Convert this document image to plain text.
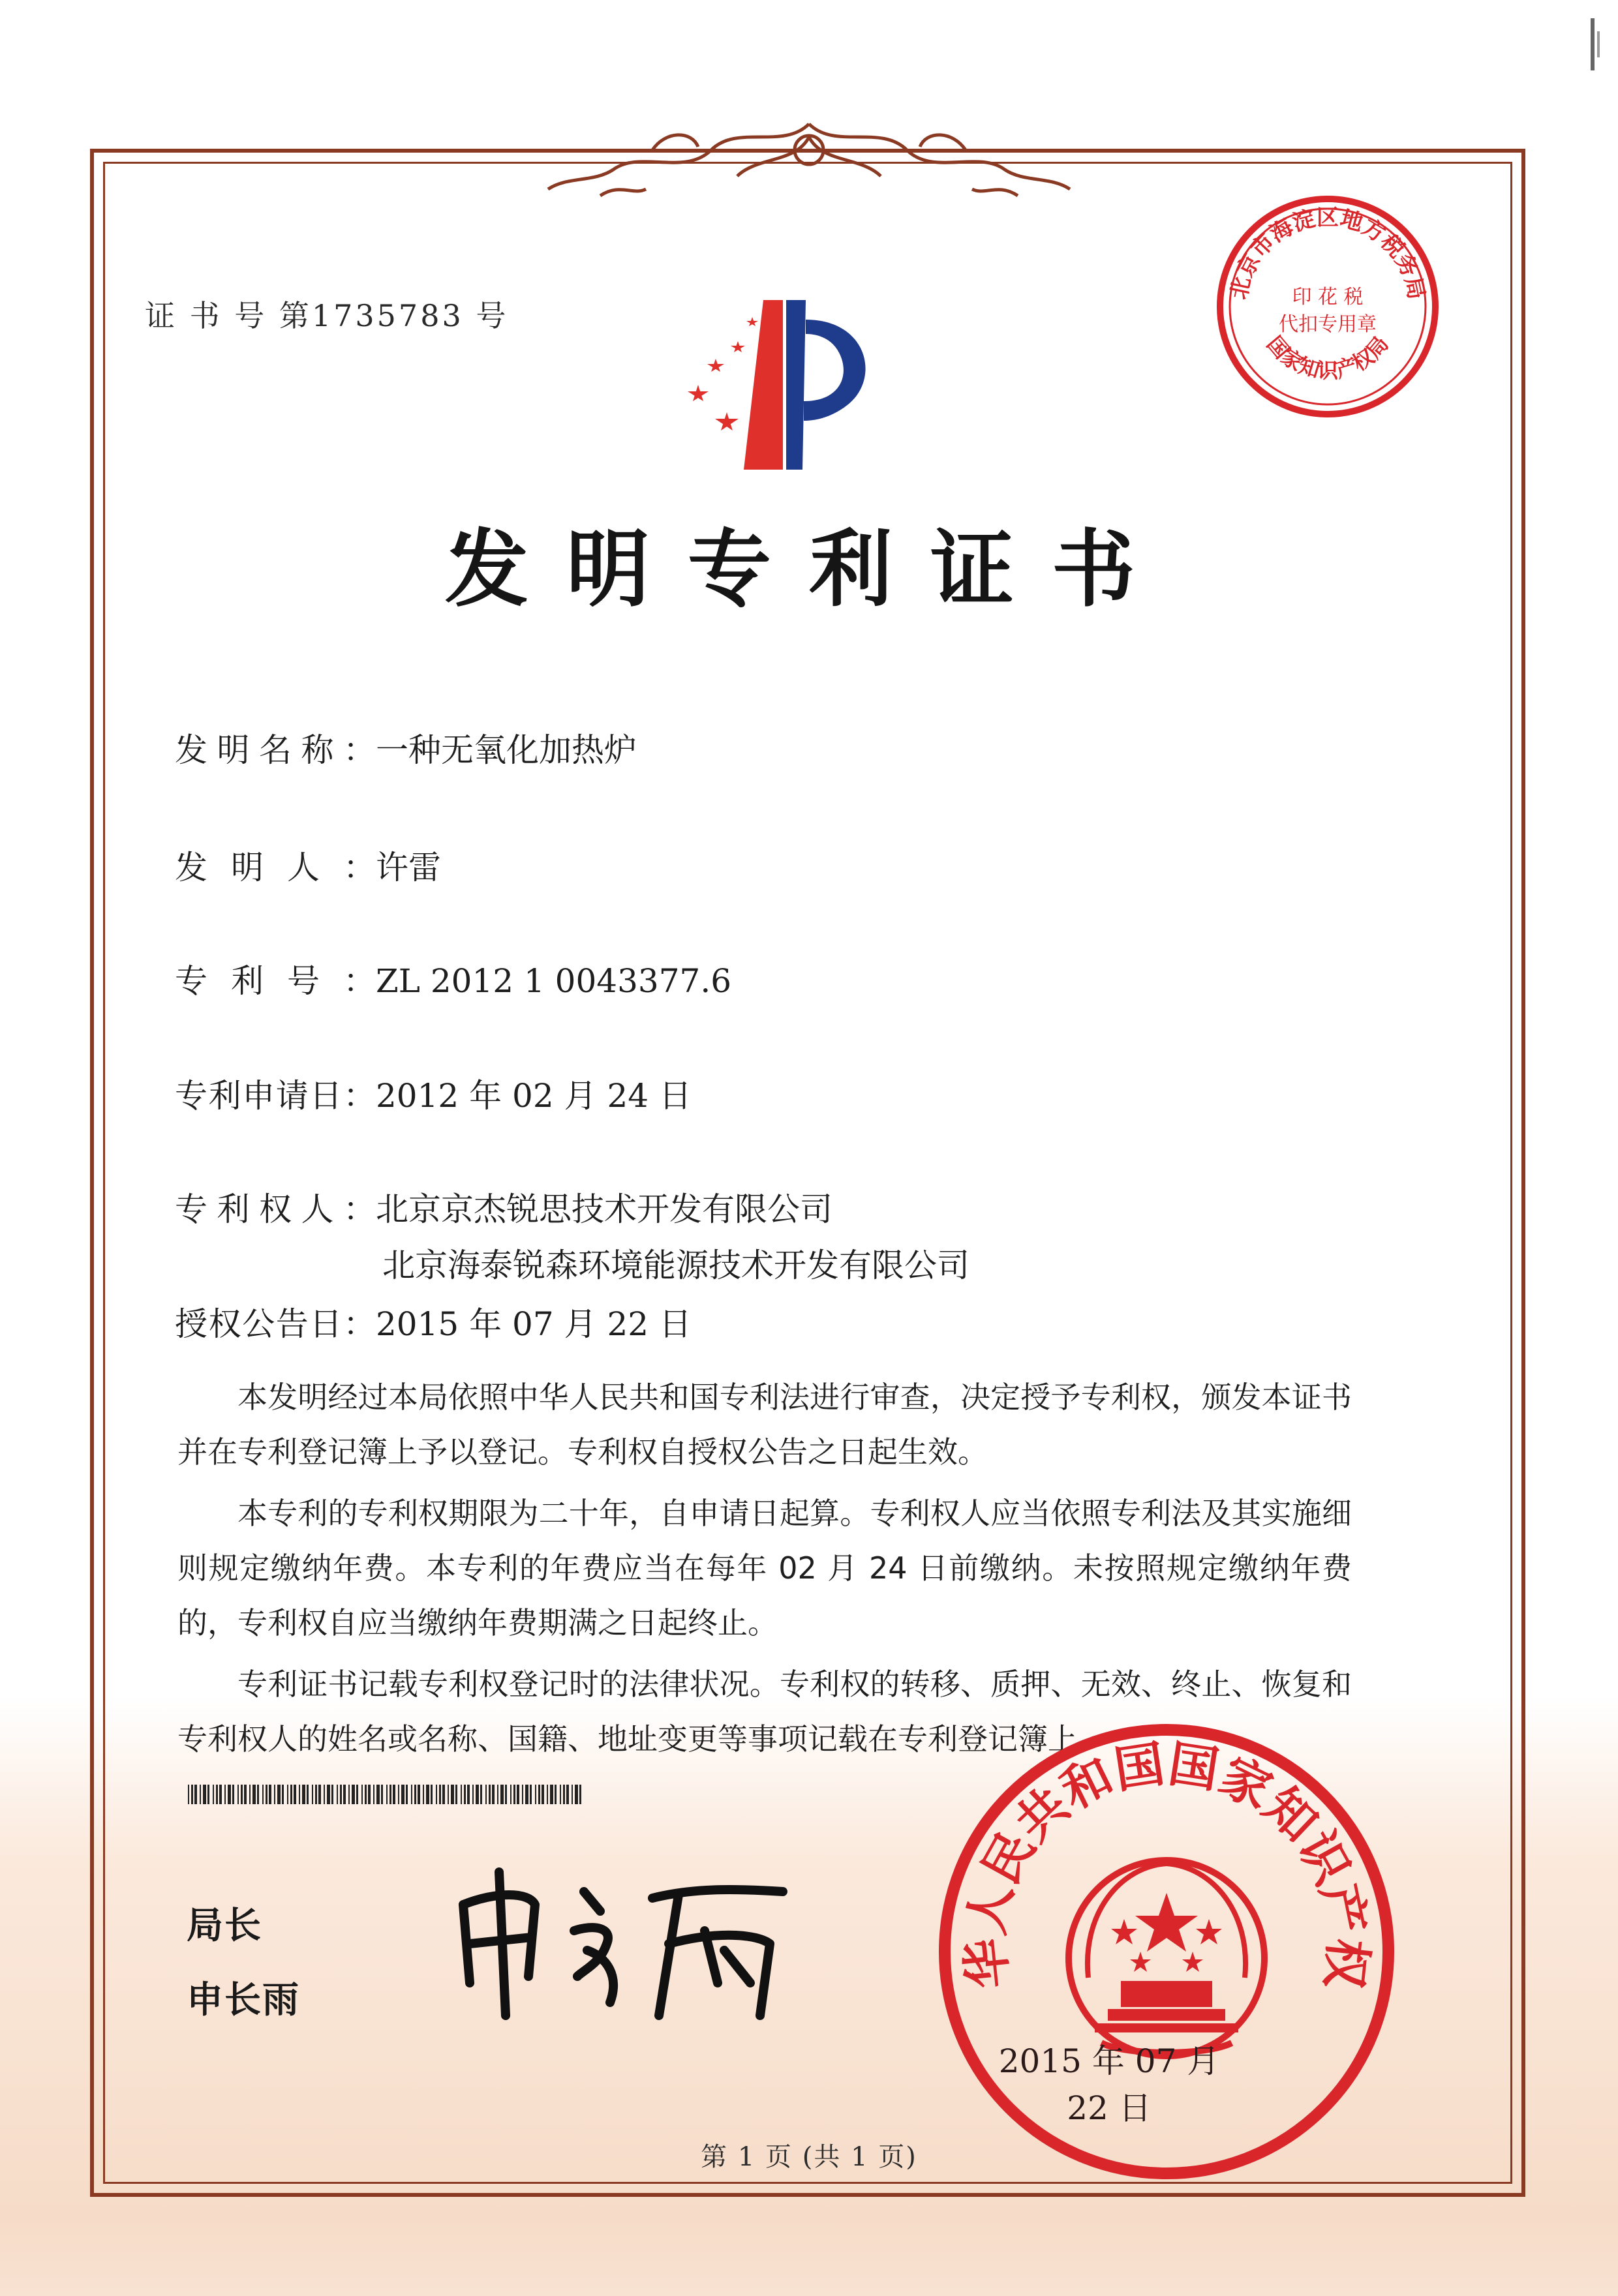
证 书 号 第1735783 号
北京市海淀区地方税务局
印 花 税
代扣专用章
国家知识产权局
发明专利证书
发明名称：一种无氧化加热炉
发明人：许雷
专利号：ZL 2012 1 0043377.6
专利申请日：2012 年 02 月 24 日
专利权人：北京京杰锐思技术开发有限公司
北京海泰锐森环境能源技术开发有限公司
授权公告日：2015 年 07 月 22 日

本发明经过本局依照中华人民共和国专利法进行审查，决定授予专利权，颁发本证书并在专利登记簿上予以登记。专利权自授权公告之日起生效。

本专利的专利权期限为二十年，自申请日起算。专利权人应当依照专利法及其实施细则规定缴纳年费。本专利的年费应当在每年 02 月 24 日前缴纳。未按照规定缴纳年费的，专利权自应当缴纳年费期满之日起终止。

专利证书记载专利权登记时的法律状况。专利权的转移、质押、无效、终止、恢复和专利权人的姓名或名称、国籍、地址变更等事项记载在专利登记簿上。

局长
申长雨
华人民共和国国家知识产权
2015 年 07 月 22 日
第 1 页 (共 1 页)
